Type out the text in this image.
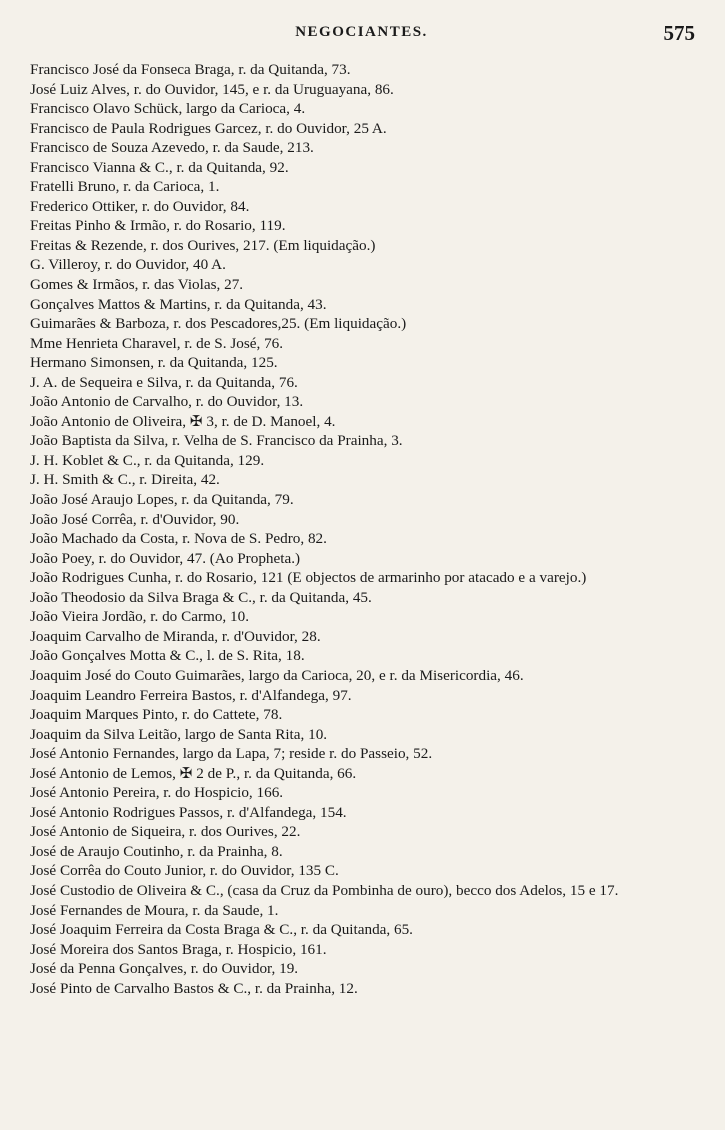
NEGOCIANTES.	575
Francisco José da Fonseca Braga, r. da Quitanda, 73.
José Luiz Alves, r. do Ouvidor, 145, e r. da Uruguayana, 86.
Francisco Olavo Schück, largo da Carioca, 4.
Francisco de Paula Rodrigues Garcez, r. do Ouvidor, 25 A.
Francisco de Souza Azevedo, r. da Saude, 213.
Francisco Vianna & C., r. da Quitanda, 92.
Fratelli Bruno, r. da Carioca, 1.
Frederico Ottiker, r. do Ouvidor, 84.
Freitas Pinho & Irmão, r. do Rosario, 119.
Freitas & Rezende, r. dos Ourives, 217. (Em liquidação.)
G. Villeroy, r. do Ouvidor, 40 A.
Gomes & Irmãos, r. das Violas, 27.
Gonçalves Mattos & Martins, r. da Quitanda, 43.
Guimarães & Barboza, r. dos Pescadores,25. (Em liquidação.)
Mme Henrieta Charavel, r. de S. José, 76.
Hermano Simonsen, r. da Quitanda, 125.
J. A. de Sequeira e Silva, r. da Quitanda, 76.
João Antonio de Carvalho, r. do Ouvidor, 13.
João Antonio de Oliveira, ✠ 3, r. de D. Manoel, 4.
João Baptista da Silva, r. Velha de S. Francisco da Prainha, 3.
J. H. Koblet & C., r. da Quitanda, 129.
J. H. Smith & C., r. Direita, 42.
João José Araujo Lopes, r. da Quitanda, 79.
João José Corrêa, r. d'Ouvidor, 90.
João Machado da Costa, r. Nova de S. Pedro, 82.
João Poey, r. do Ouvidor, 47. (Ao Propheta.)
João Rodrigues Cunha, r. do Rosario, 121 (E objectos de armarinho por atacado e a varejo.)
João Theodosio da Silva Braga & C., r. da Quitanda, 45.
João Vieira Jordão, r. do Carmo, 10.
Joaquim Carvalho de Miranda, r. d'Ouvidor, 28.
João Gonçalves Motta & C., l. de S. Rita, 18.
Joaquim José do Couto Guimarães, largo da Carioca, 20, e r. da Misericordia, 46.
Joaquim Leandro Ferreira Bastos, r. d'Alfandega, 97.
Joaquim Marques Pinto, r. do Cattete, 78.
Joaquim da Silva Leitão, largo de Santa Rita, 10.
José Antonio Fernandes, largo da Lapa, 7; reside r. do Passeio, 52.
José Antonio de Lemos, ✠ 2 de P., r. da Quitanda, 66.
José Antonio Pereira, r. do Hospicio, 166.
José Antonio Rodrigues Passos, r. d'Alfandega, 154.
José Antonio de Siqueira, r. dos Ourives, 22.
José de Araujo Coutinho, r. da Prainha, 8.
José Corrêa do Couto Junior, r. do Ouvidor, 135 C.
José Custodio de Oliveira & C., (casa da Cruz da Pombinha de ouro), becco dos Adelos, 15 e 17.
José Fernandes de Moura, r. da Saude, 1.
José Joaquim Ferreira da Costa Braga & C., r. da Quitanda, 65.
José Moreira dos Santos Braga, r. Hospicio, 161.
José da Penna Gonçalves, r. do Ouvidor, 19.
José Pinto de Carvalho Bastos & C., r. da Prainha, 12.
